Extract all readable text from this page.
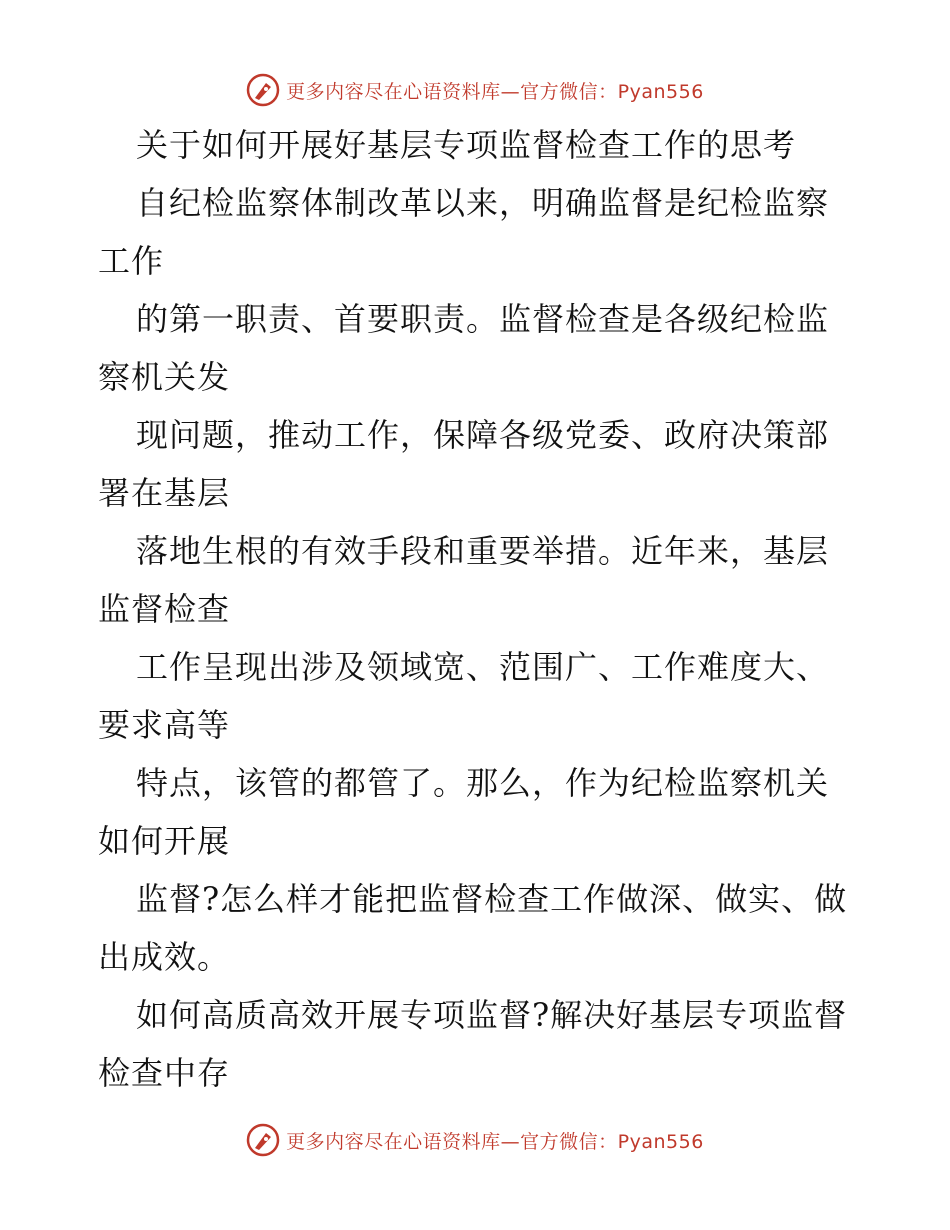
更多内容尽在心语资料库—官方微信：Pyan556

关于如何开展好基层专项监督检查工作的思考

自纪检监察体制改革以来，明确监督是纪检监察工作

的第一职责、首要职责。监督检查是各级纪检监察机关发

现问题，推动工作，保障各级党委、政府决策部署在基层

落地生根的有效手段和重要举措。近年来，基层监督检查

工作呈现出涉及领域宽、范围广、工作难度大、要求高等

特点，该管的都管了。那么，作为纪检监察机关如何开展

监督?怎么样才能把监督检查工作做深、做实、做出成效。

如何高质高效开展专项监督?解决好基层专项监督检查中存

更多内容尽在心语资料库—官方微信：Pyan556
